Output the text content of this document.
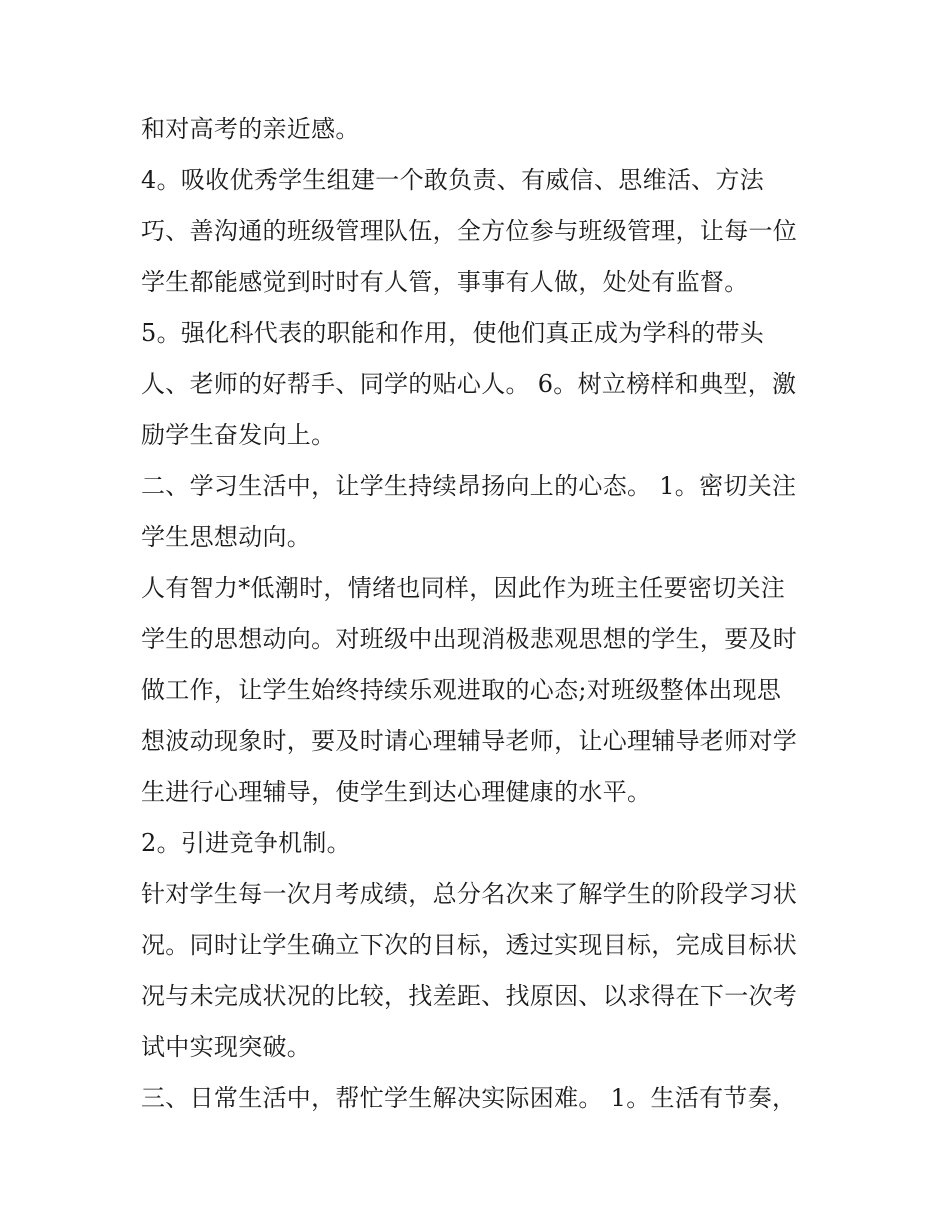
和对高考的亲近感。
4。吸收优秀学生组建一个敢负责、有威信、思维活、方法
巧、善沟通的班级管理队伍，全方位参与班级管理，让每一位
学生都能感觉到时时有人管，事事有人做，处处有监督。
5。强化科代表的职能和作用，使他们真正成为学科的带头
人、老师的好帮手、同学的贴心人。 6。树立榜样和典型，激
励学生奋发向上。
二、学习生活中，让学生持续昂扬向上的心态。 1。密切关注
学生思想动向。
人有智力*低潮时，情绪也同样，因此作为班主任要密切关注
学生的思想动向。对班级中出现消极悲观思想的学生，要及时
做工作，让学生始终持续乐观进取的心态;对班级整体出现思
想波动现象时，要及时请心理辅导老师，让心理辅导老师对学
生进行心理辅导，使学生到达心理健康的水平。
2。引进竞争机制。
针对学生每一次月考成绩，总分名次来了解学生的阶段学习状
况。同时让学生确立下次的目标，透过实现目标，完成目标状
况与未完成状况的比较，找差距、找原因、以求得在下一次考
试中实现突破。
三、日常生活中，帮忙学生解决实际困难。 1。生活有节奏，
